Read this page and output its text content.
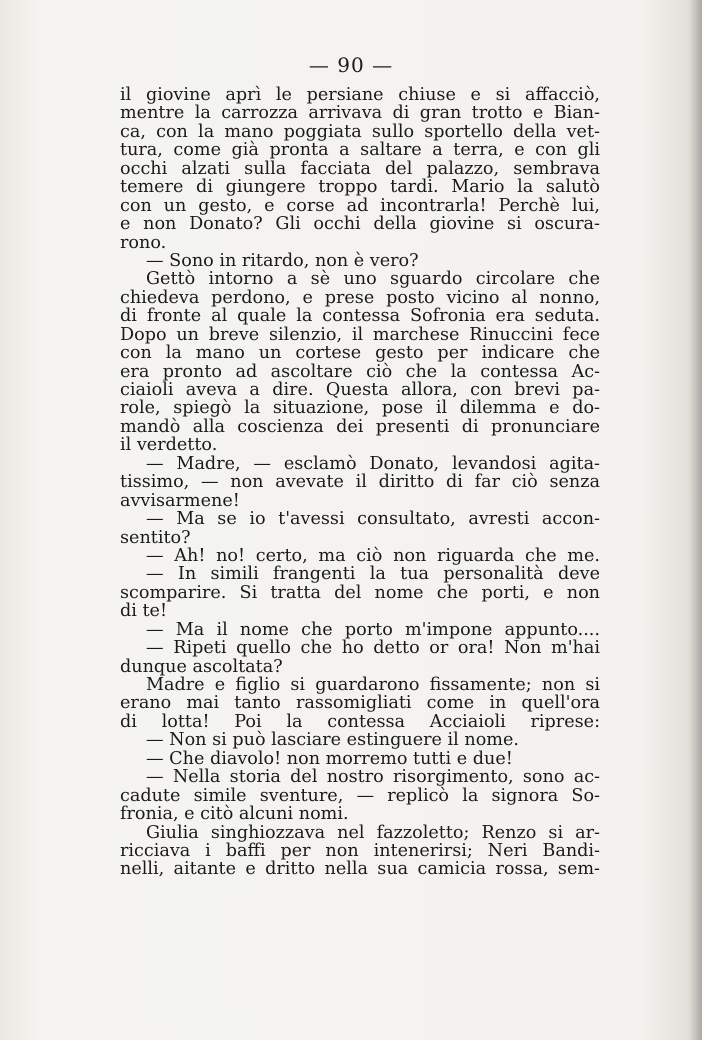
— 90 —
il giovine aprì le persiane chiuse e si affacciò,
mentre la carrozza arrivava di gran trotto e Bian-
ca, con la mano poggiata sullo sportello della vet-
tura, come già pronta a saltare a terra, e con gli
occhi alzati sulla facciata del palazzo, sembrava
temere di giungere troppo tardi. Mario la salutò
con un gesto, e corse ad incontrarla! Perchè lui,
e non Donato? Gli occhi della giovine si oscura-
rono.
— Sono in ritardo, non è vero?
Gettò intorno a sè uno sguardo circolare che
chiedeva perdono, e prese posto vicino al nonno,
di fronte al quale la contessa Sofronia era seduta.
Dopo un breve silenzio, il marchese Rinuccini fece
con la mano un cortese gesto per indicare che
era pronto ad ascoltare ciò che la contessa Ac-
ciaioli aveva a dire. Questa allora, con brevi pa-
role, spiegò la situazione, pose il dilemma e do-
mandò alla coscienza dei presenti di pronunciare
il verdetto.
— Madre, — esclamò Donato, levandosi agita-
tissimo, — non avevate il diritto di far ciò senza
avvisarmene!
— Ma se io t'avessi consultato, avresti accon-
sentito?
— Ah! no! certo, ma ciò non riguarda che me.
— In simili frangenti la tua personalità deve
scomparire. Si tratta del nome che porti, e non
di te!
— Ma il nome che porto m'impone appunto....
— Ripeti quello che ho detto or ora! Non m'hai
dunque ascoltata?
Madre e figlio si guardarono fissamente; non si
erano mai tanto rassomigliati come in quell'ora
di lotta! Poi la contessa Acciaioli riprese:
— Non si può lasciare estinguere il nome.
— Che diavolo! non morremo tutti e due!
— Nella storia del nostro risorgimento, sono ac-
cadute simile sventure, — replicò la signora So-
fronia, e citò alcuni nomi.
Giulia singhiozzava nel fazzoletto; Renzo si ar-
ricciava i baffi per non intenerirsi; Neri Bandi-
nelli, aitante e dritto nella sua camicia rossa, sem-
